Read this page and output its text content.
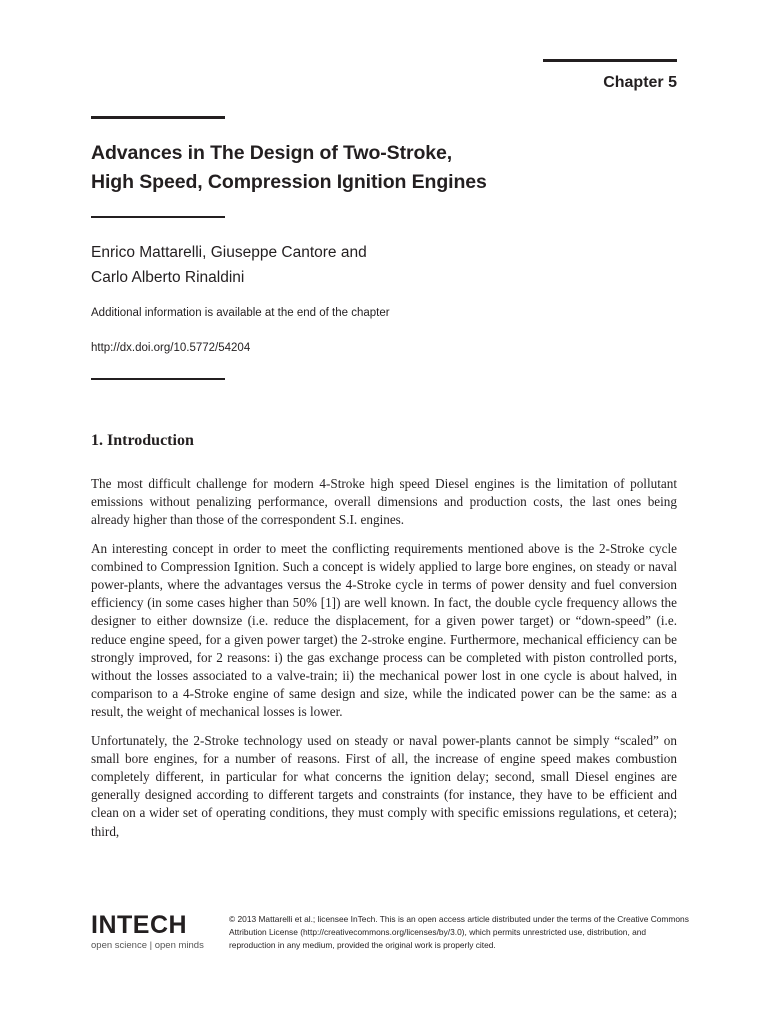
Chapter 5
Advances in The Design of Two-Stroke,
High Speed, Compression Ignition Engines
Enrico Mattarelli, Giuseppe Cantore and
Carlo Alberto Rinaldini
Additional information is available at the end of the chapter
http://dx.doi.org/10.5772/54204
1. Introduction

The most difficult challenge for modern 4-Stroke high speed Diesel engines is the limitation of pollutant emissions without penalizing performance, overall dimensions and production costs, the last ones being already higher than those of the correspondent S.I. engines.

An interesting concept in order to meet the conflicting requirements mentioned above is the 2-Stroke cycle combined to Compression Ignition. Such a concept is widely applied to large bore engines, on steady or naval power-plants, where the advantages versus the 4-Stroke cycle in terms of power density and fuel conversion efficiency (in some cases higher than 50% [1]) are well known. In fact, the double cycle frequency allows the designer to either downsize (i.e. reduce the displacement, for a given power target) or “down-speed” (i.e. reduce engine speed, for a given power target) the 2-stroke engine. Furthermore, mechanical efficiency can be strongly improved, for 2 reasons: i) the gas exchange process can be completed with piston controlled ports, without the losses associated to a valve-train; ii) the mechanical power lost in one cycle is about halved, in comparison to a 4-Stroke engine of same design and size, while the indicated power can be the same: as a result, the weight of mechanical losses is lower.

Unfortunately, the 2-Stroke technology used on steady or naval power-plants cannot be simply “scaled” on small bore engines, for a number of reasons. First of all, the increase of engine speed makes combustion completely different, in particular for what concerns the ignition delay; second, small Diesel engines are generally designed according to different targets and constraints (for instance, they have to be efficient and clean on a wider set of operating conditions, they must comply with specific emissions regulations, et cetera); third,

INTECH
open science | open minds
© 2013 Mattarelli et al.; licensee InTech. This is an open access article distributed under the terms of the Creative Commons Attribution License (http://creativecommons.org/licenses/by/3.0), which permits unrestricted use, distribution, and reproduction in any medium, provided the original work is properly cited.
